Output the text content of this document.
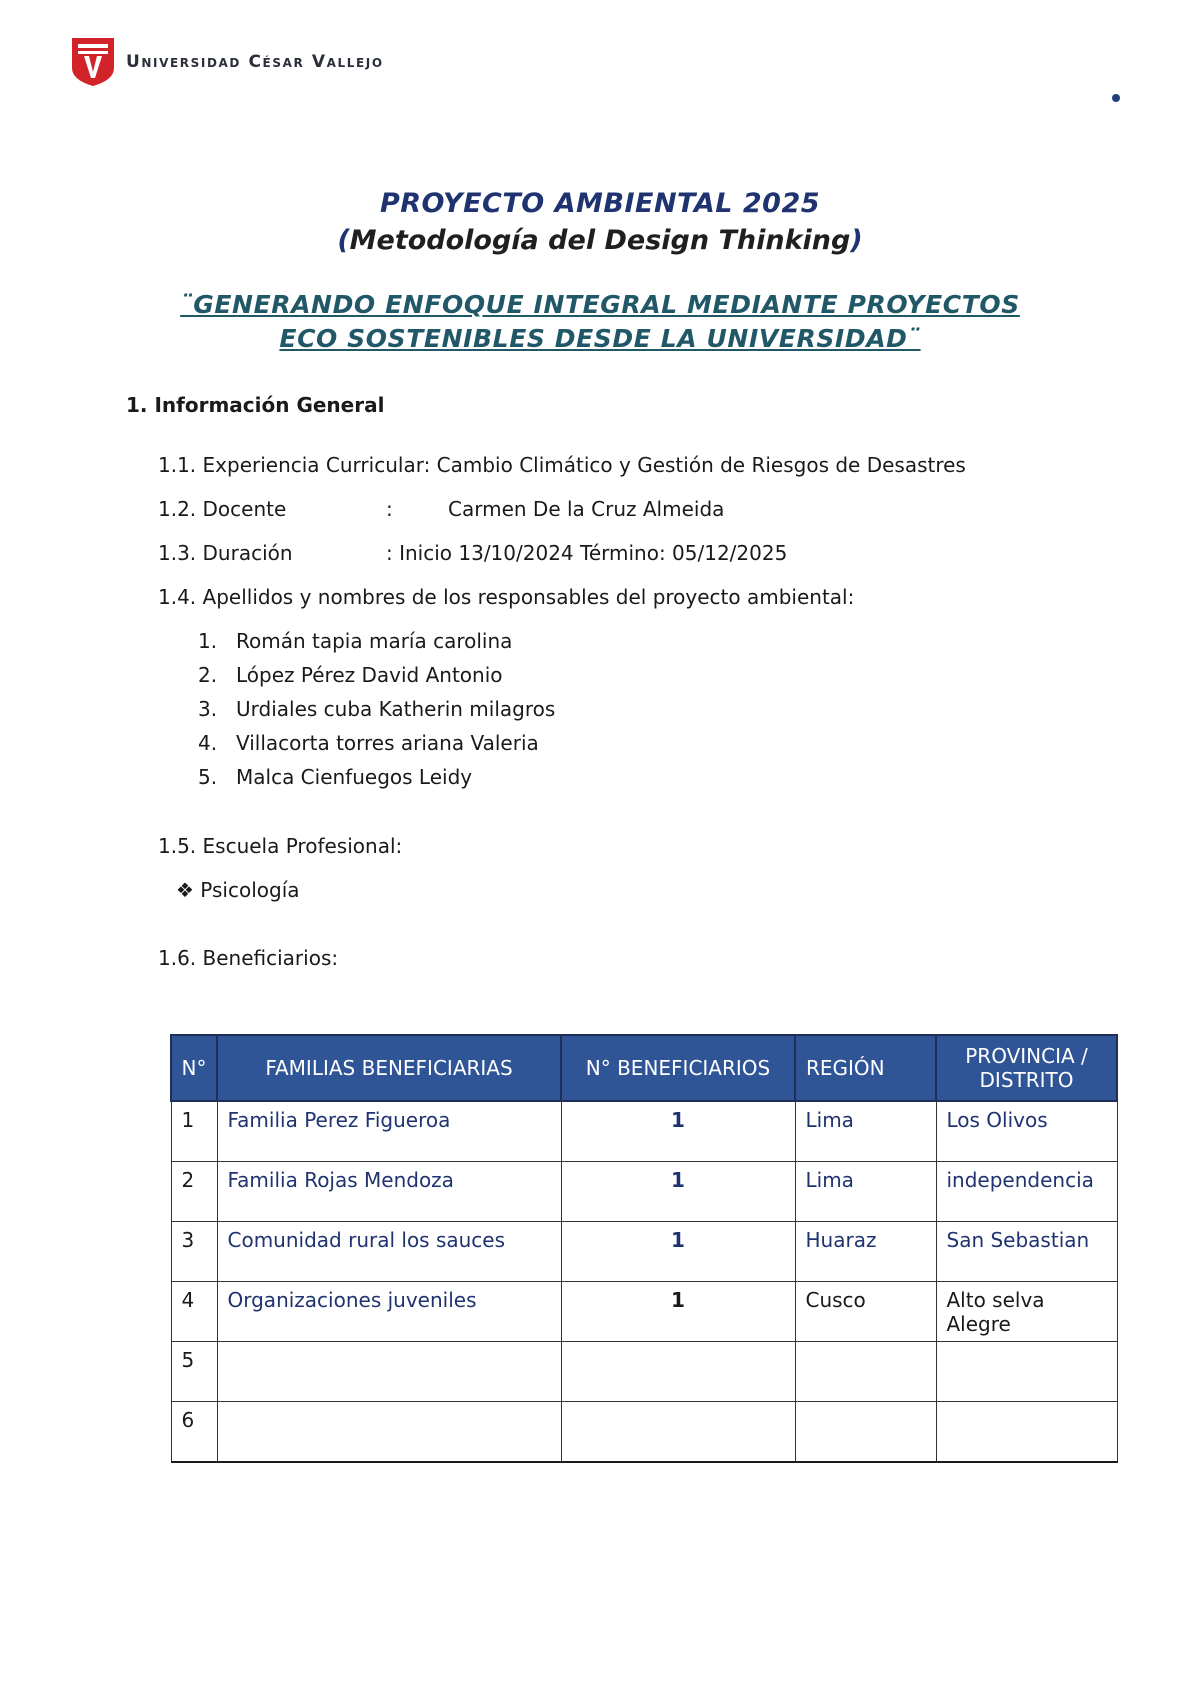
Universidad César Vallejo
PROYECTO AMBIENTAL 2025
(Metodología del Design Thinking)
¨GENERANDO ENFOQUE INTEGRAL MEDIANTE PROYECTOS
ECO SOSTENIBLES DESDE LA UNIVERSIDAD¨
1. Información General
1.1. Experiencia Curricular: Cambio Climático y Gestión de Riesgos de Desastres
1.2. Docente	:	Carmen De la Cruz Almeida
1.3. Duración	: Inicio 13/10/2024 Término: 05/12/2025
1.4. Apellidos y nombres de los responsables del proyecto ambiental:
1. Román tapia maría carolina
2. López Pérez David Antonio
3. Urdiales cuba Katherin milagros
4. Villacorta torres ariana Valeria
5. Malca Cienfuegos Leidy
1.5. Escuela Profesional:
❖ Psicología
1.6. Beneficiarios:
N°	FAMILIAS BENEFICIARIAS	N° BENEFICIARIOS	REGIÓN	PROVINCIA / DISTRITO
1	Familia Perez Figueroa	1	Lima	Los Olivos
2	Familia Rojas Mendoza	1	Lima	independencia
3	Comunidad rural los sauces	1	Huaraz	San Sebastian
4	Organizaciones juveniles	1	Cusco	Alto selva Alegre
5				
6				
